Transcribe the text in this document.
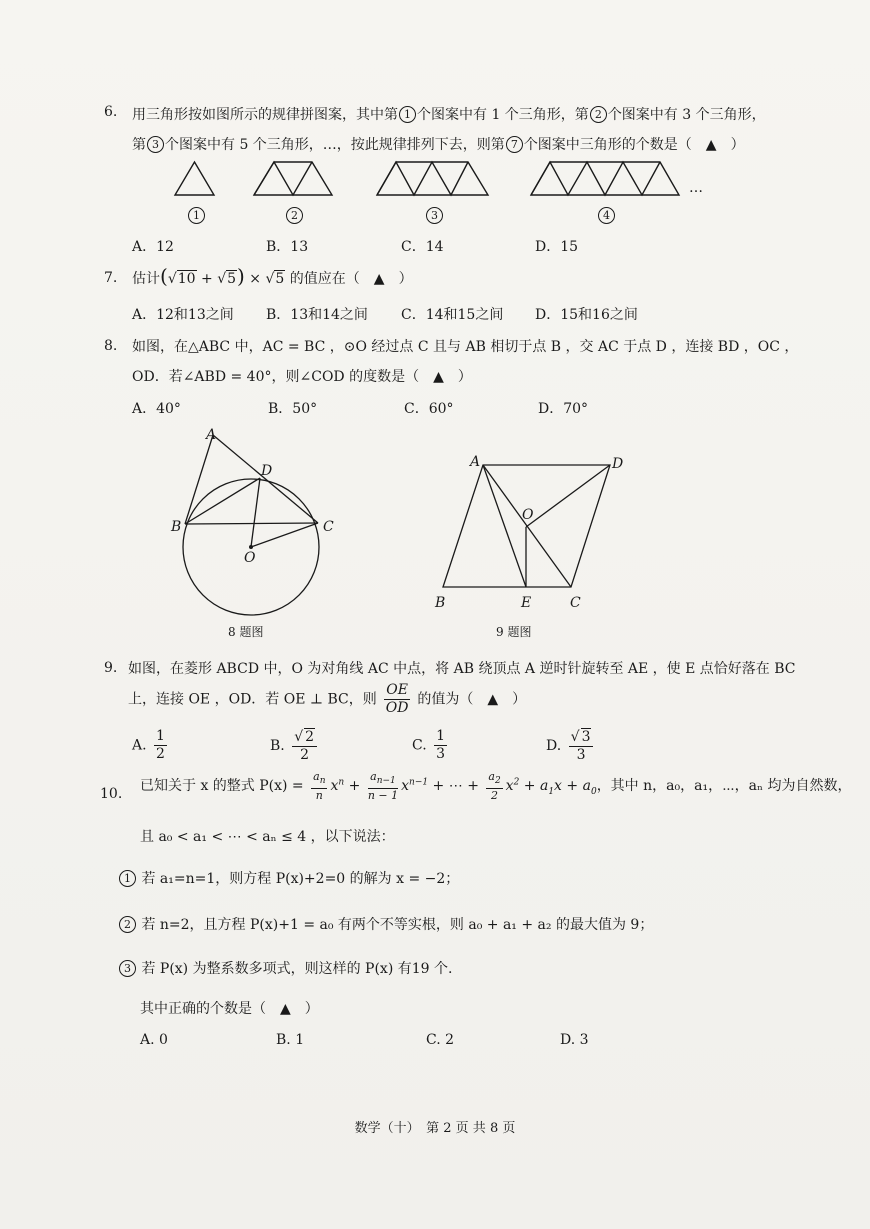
6. 用三角形按如图所示的规律拼图案，其中第 1 个图案中有 1 个三角形，第 2 个图案中有 3 个三角形，
第 3 个图案中有 5 个三角形，…，按此规律排列下去，则第 7 个图案中三角形的个数是（　▲　）
…
1	2	3	4
A．12	B．13	C．14	D．15
7. 估计(√10 + √5) × √5 的值应在（　▲　）
A．12和13之间 B．13和14之间 C．14和15之间 D．15和16之间
8. 如图，在△ABC 中，AC = BC ，⊙O 经过点 C 且与 AB 相切于点 B ，交 AC 于点 D ，连接 BD ，OC ，
OD．若∠ABD = 40°，则∠COD 的度数是（　▲　）
A．40°	B．50°	C．60°	D．70°
A
B	C
D
O
8 题图
A
B	C
D
E
O
9 题图
9. 如图，在菱形 ABCD 中，O 为对角线 AC 中点，将 AB 绕顶点 A 逆时针旋转至 AE ，使 E 点恰好落在 BC
上，连接 OE ，OD．若 OE ⊥ BC，则 $\frac{OE}{OD}$ 的值为（　▲　）
A. $\frac{1}{2}$	B. $\frac{√ 2}{2}$	C. $\frac{1}{3}$	D. $\frac{√ 3}{3}$
10. 已知关于 x 的整式 $P(x) = \frac{a_n}{n} x^n + \frac{a_{n-1}}{n - 1} x^{n-1}$ + ⋯ + $\frac{a_2}{2} x^2 + a_1x + a_0$，其中 n，a₀，a₁，⋯，aₙ 均为自然数，
且 a₀ < a₁ < ⋯ < aₙ ≤ 4 ，以下说法：
1 若 a₁=n=1，则方程 P(x)+2=0 的解为 x = −2；
2 若 n=2，且方程 P(x)+1 = a₀ 有两个不等实根，则 a₀ + a₁ + a₂ 的最大值为 9；
3 若 P(x) 为整系数多项式，则这样的 P(x) 有19 个.
其中正确的个数是（　▲　）
A. 0	B. 1	C. 2	D. 3
数学（十）　第 2 页 共 8 页
